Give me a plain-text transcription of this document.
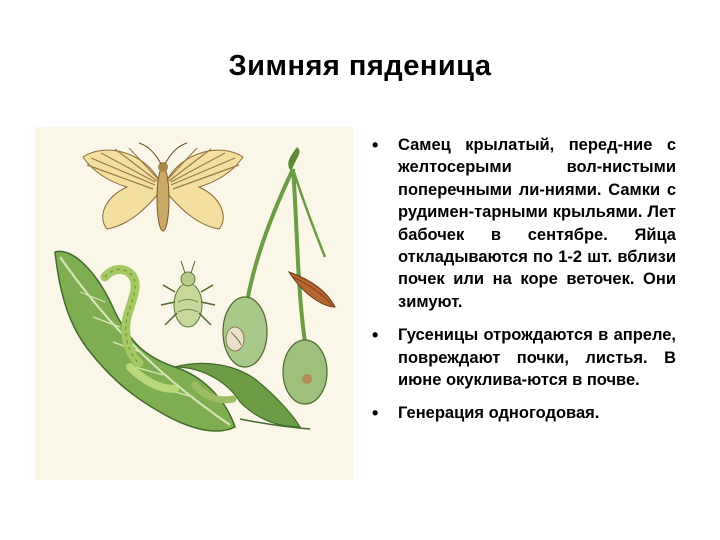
Зимняя пяденица
• Самец крылатый, перед-ние с желтосерыми вол-нистыми поперечными ли-ниями. Самки с рудимен-тарными крыльями. Лет бабочек в сентябре. Яйца откладываются по 1-2 шт. вблизи почек или на коре веточек. Они зимуют.
• Гусеницы отрождаются в апреле, повреждают почки, листья. В июне окуклива-ются в почве.
• Генерация одногодовая.
